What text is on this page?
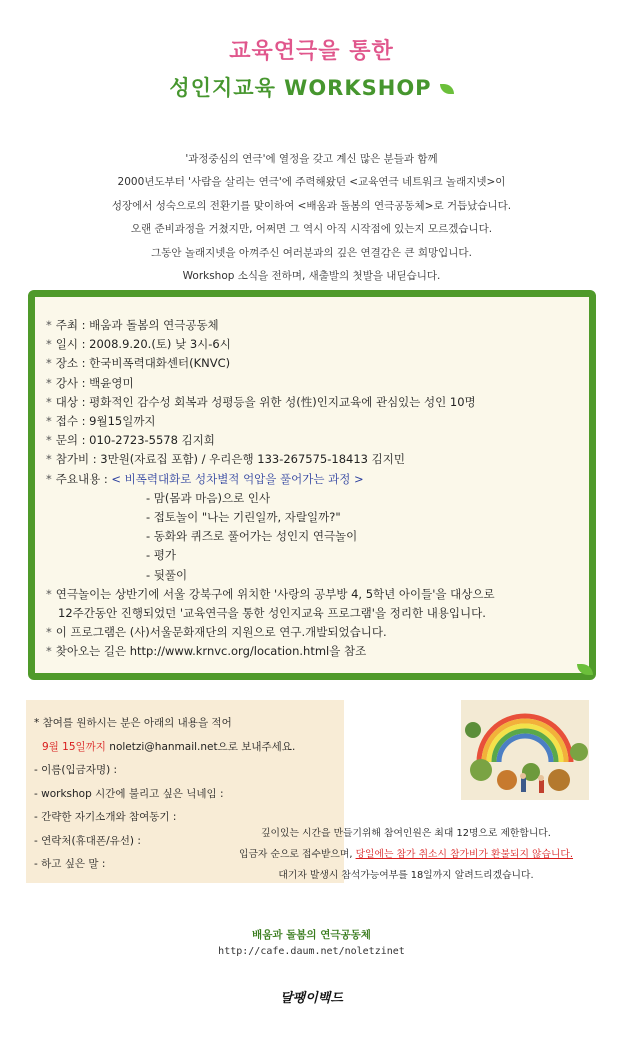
교육연극을 통한
성인지교육 WORKSHOP
'과정중심의 연극'에 열정을 갖고 계신 많은 분들과 함께
2000년도부터 '사람을 살리는 연극'에 주력해왔던 <교육연극 네트워크 놀래지넷>이
성장에서 성숙으로의 전환기를 맞이하여 <배움과 돌봄의 연극공동체>로 거듭났습니다.
오랜 준비과정을 거쳤지만, 어쩌면 그 역시 아직 시작점에 있는지 모르겠습니다.
그동안 놀래지넷을 아껴주신 여러분과의 깊은 연결감은 큰 희망입니다.
Workshop 소식을 전하며, 새출발의 첫발을 내딛습니다.
* 주최 : 배움과 돌봄의 연극공동체
* 일시 : 2008.9.20.(토) 낮 3시-6시
* 장소 : 한국비폭력대화센터(KNVC)
* 강사 : 백윤영미
* 대상 : 평화적인 감수성 회복과 성평등을 위한 성(性)인지교육에 관심있는 성인 10명
* 접수 : 9월15일까지
* 문의 : 010-2723-5578 김지희
* 참가비 : 3만원(자료집 포함) / 우리은행 133-267575-18413 김지민
* 주요내용 : < 비폭력대화로 성차별적 억압을 풀어가는 과정 >
- 맘(몸과 마음)으로 인사
- 접토놀이 "나는 기린일까, 자랄일까?"
- 동화와 퀴즈로 풀어가는 성인지 연극놀이
- 평가
- 뒷풀이
* 연극놀이는 상반기에 서울 강북구에 위치한 '사랑의 공부방 4, 5학년 아이들'을 대상으로
12주간동안 진행되었던 '교육연극을 통한 성인지교육 프로그램'을 정리한 내용입니다.
* 이 프로그램은 (사)서울문화재단의 지원으로 연구.개발되었습니다.
* 찾아오는 길은 http://www.krnvc.org/location.html을 참조
* 참여를 원하시는 분은 아래의 내용을 적어
9월 15일까지 noletzi@hanmail.net으로 보내주세요.
- 이름(입금자명) :
- workshop 시간에 불리고 싶은 닉네임 :
- 간략한 자기소개와 참여동기 :
- 연락처(휴대폰/유선) :
- 하고 싶은 말 :
깊이있는 시간을 만들기위해 참여인원은 최대 12명으로 제한합니다.
입금자 순으로 접수받으며, 당일에는 참가 취소시 참가비가 환불되지 않습니다.
대기자 발생시 참석가능여부를 18일까지 알려드리겠습니다.
배움과 돌봄의 연극공동체
http://cafe.daum.net/noletzinet
달팽이백드
